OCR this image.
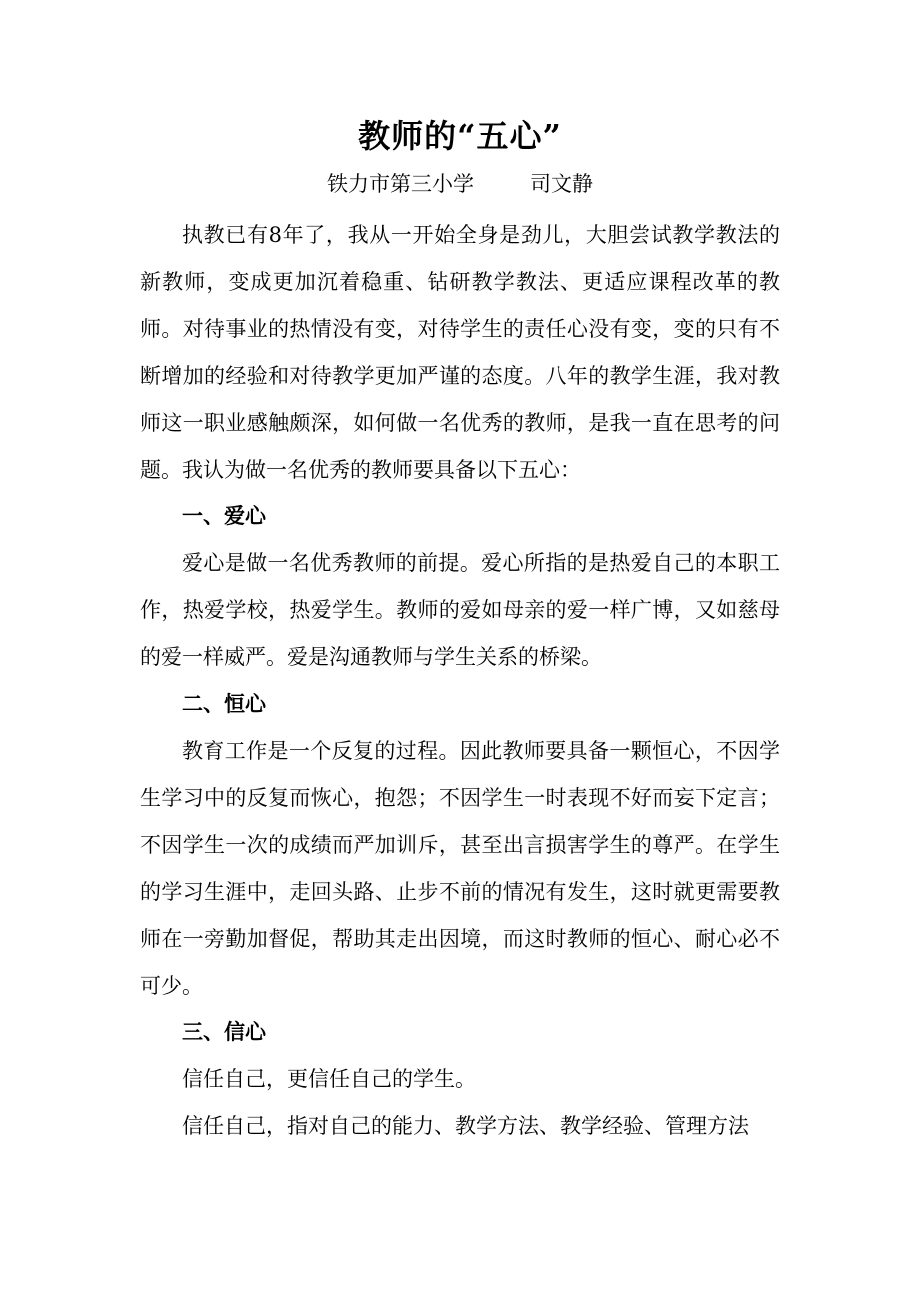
教师的“五心”
铁力市第三小学	司文静

执教已有8年了，我从一开始全身是劲儿，大胆尝试教学教法的新教师，变成更加沉着稳重、钻研教学教法、更适应课程改革的教师。对待事业的热情没有变，对待学生的责任心没有变，变的只有不断增加的经验和对待教学更加严谨的态度。八年的教学生涯，我对教师这一职业感触颇深，如何做一名优秀的教师，是我一直在思考的问题。我认为做一名优秀的教师要具备以下五心：

一、爱心

爱心是做一名优秀教师的前提。爱心所指的是热爱自己的本职工作，热爱学校，热爱学生。教师的爱如母亲的爱一样广博，又如慈母的爱一样威严。爱是沟通教师与学生关系的桥梁。

二、恒心

教育工作是一个反复的过程。因此教师要具备一颗恒心，不因学生学习中的反复而恢心，抱怨；不因学生一时表现不好而妄下定言；不因学生一次的成绩而严加训斥，甚至出言损害学生的尊严。在学生的学习生涯中，走回头路、止步不前的情况有发生，这时就更需要教师在一旁勤加督促，帮助其走出因境，而这时教师的恒心、耐心必不可少。

三、信心

信任自己，更信任自己的学生。

信任自己，指对自己的能力、教学方法、教学经验、管理方法
